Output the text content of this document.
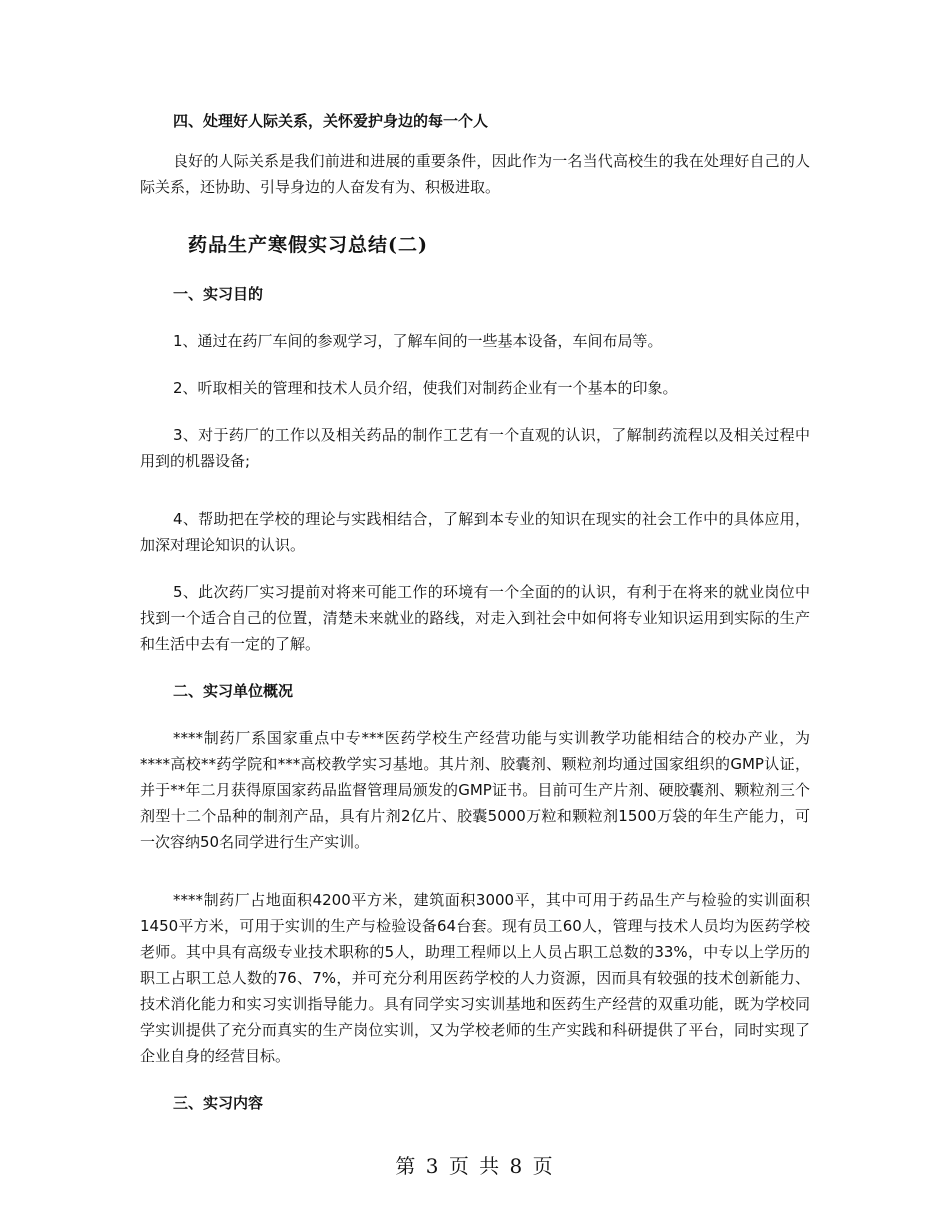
四、处理好人际关系，关怀爱护身边的每一个人

良好的人际关系是我们前进和进展的重要条件，因此作为一名当代高校生的我在处理好自己的人际关系，还协助、引导身边的人奋发有为、积极进取。

药品生产寒假实习总结(二)

一、实习目的

1、通过在药厂车间的参观学习，了解车间的一些基本设备，车间布局等。

2、听取相关的管理和技术人员介绍，使我们对制药企业有一个基本的印象。

3、对于药厂的工作以及相关药品的制作工艺有一个直观的认识，了解制药流程以及相关过程中用到的机器设备;

4、帮助把在学校的理论与实践相结合，了解到本专业的知识在现实的社会工作中的具体应用，加深对理论知识的认识。

5、此次药厂实习提前对将来可能工作的环境有一个全面的的认识，有利于在将来的就业岗位中找到一个适合自己的位置，清楚未来就业的路线，对走入到社会中如何将专业知识运用到实际的生产和生活中去有一定的了解。

二、实习单位概况

****制药厂系国家重点中专***医药学校生产经营功能与实训教学功能相结合的校办产业，为****高校**药学院和***高校教学实习基地。其片剂、胶囊剂、颗粒剂均通过国家组织的GMP认证，并于**年二月获得原国家药品监督管理局颁发的GMP证书。目前可生产片剂、硬胶囊剂、颗粒剂三个剂型十二个品种的制剂产品，具有片剂2亿片、胶囊5000万粒和颗粒剂1500万袋的年生产能力，可一次容纳50名同学进行生产实训。

****制药厂占地面积4200平方米，建筑面积3000平，其中可用于药品生产与检验的实训面积1450平方米，可用于实训的生产与检验设备64台套。现有员工60人，管理与技术人员均为医药学校老师。其中具有高级专业技术职称的5人，助理工程师以上人员占职工总数的33%，中专以上学历的职工占职工总人数的76、7%，并可充分利用医药学校的人力资源，因而具有较强的技术创新能力、技术消化能力和实习实训指导能力。具有同学实习实训基地和医药生产经营的双重功能，既为学校同学实训提供了充分而真实的生产岗位实训，又为学校老师的生产实践和科研提供了平台，同时实现了企业自身的经营目标。

三、实习内容

第 3 页 共 8 页
